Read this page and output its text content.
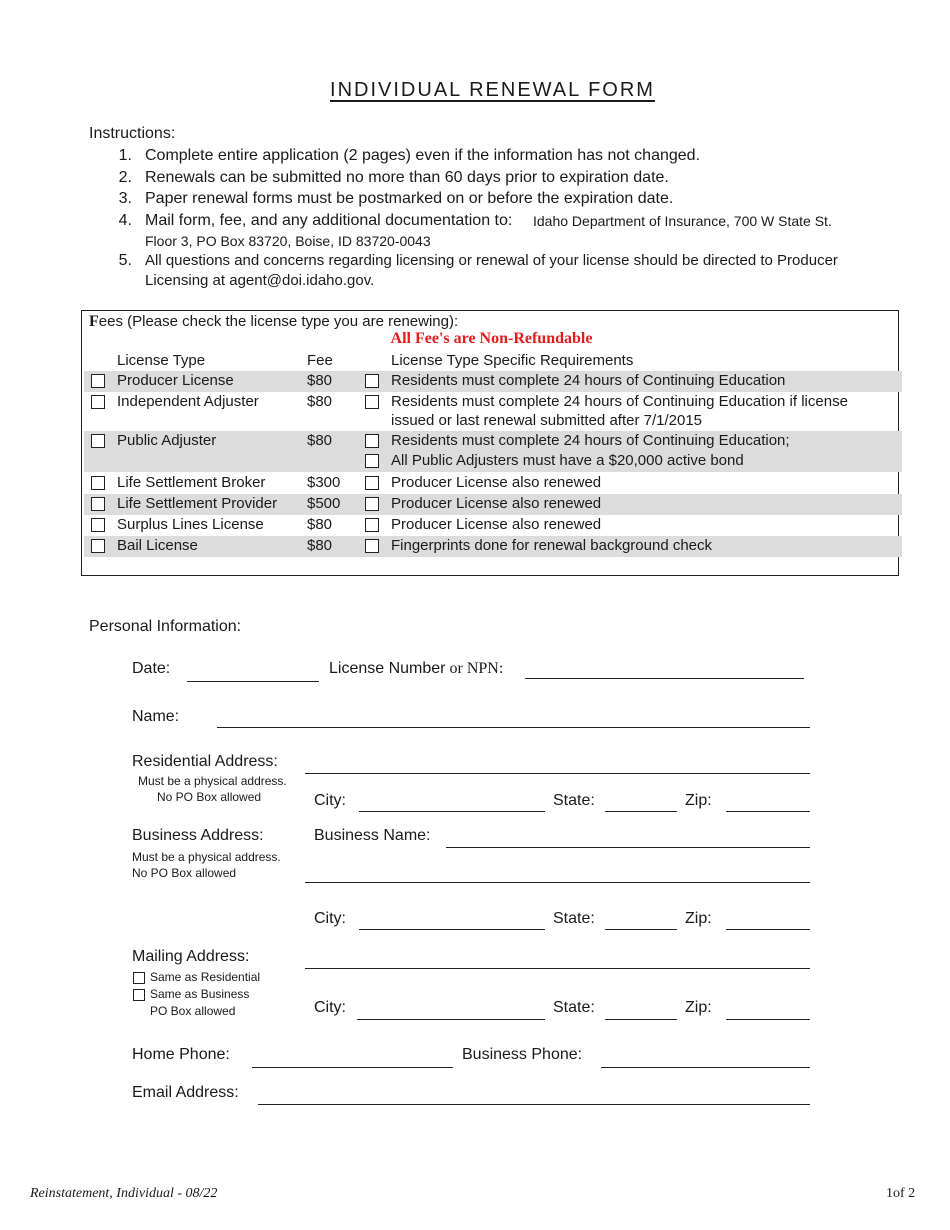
INDIVIDUAL RENEWAL FORM
Instructions:
1. Complete entire application (2 pages) even if the information has not changed.
2. Renewals can be submitted no more than 60 days prior to expiration date.
3. Paper renewal forms must be postmarked on or before the expiration date.
4. Mail form, fee, and any additional documentation to: Idaho Department of Insurance, 700 W State St.
Floor 3, PO Box 83720, Boise, ID 83720-0043
5. All questions and concerns regarding licensing or renewal of your license should be directed to Producer
Licensing at agent@doi.idaho.gov.
Fees (Please check the license type you are renewing):
All Fee's are Non-Refundable
License Type	Fee	License Type Specific Requirements
Producer License	$80	Residents must complete 24 hours of Continuing Education
Independent Adjuster	$80	Residents must complete 24 hours of Continuing Education if license
issued or last renewal submitted after 7/1/2015
Public Adjuster	$80	Residents must complete 24 hours of Continuing Education;
All Public Adjusters must have a $20,000 active bond
Life Settlement Broker	$300	Producer License also renewed
Life Settlement Provider $500	Producer License also renewed
Surplus Lines License	$80	Producer License also renewed
Bail License	$80	Fingerprints done for renewal background check
Personal Information:
Date:	License Number or NPN:
Name:
Residential Address:
Must be a physical address.
No PO Box allowed	City:	State:	Zip:
Business Address:	Business Name:
Must be a physical address.
No PO Box allowed
City:	State:	Zip:
Mailing Address:
Same as Residential
Same as Business
PO Box allowed	City:	State:	Zip:
Home Phone:	Business Phone:
Email Address:
Reinstatement, Individual - 08/22	1of 2
